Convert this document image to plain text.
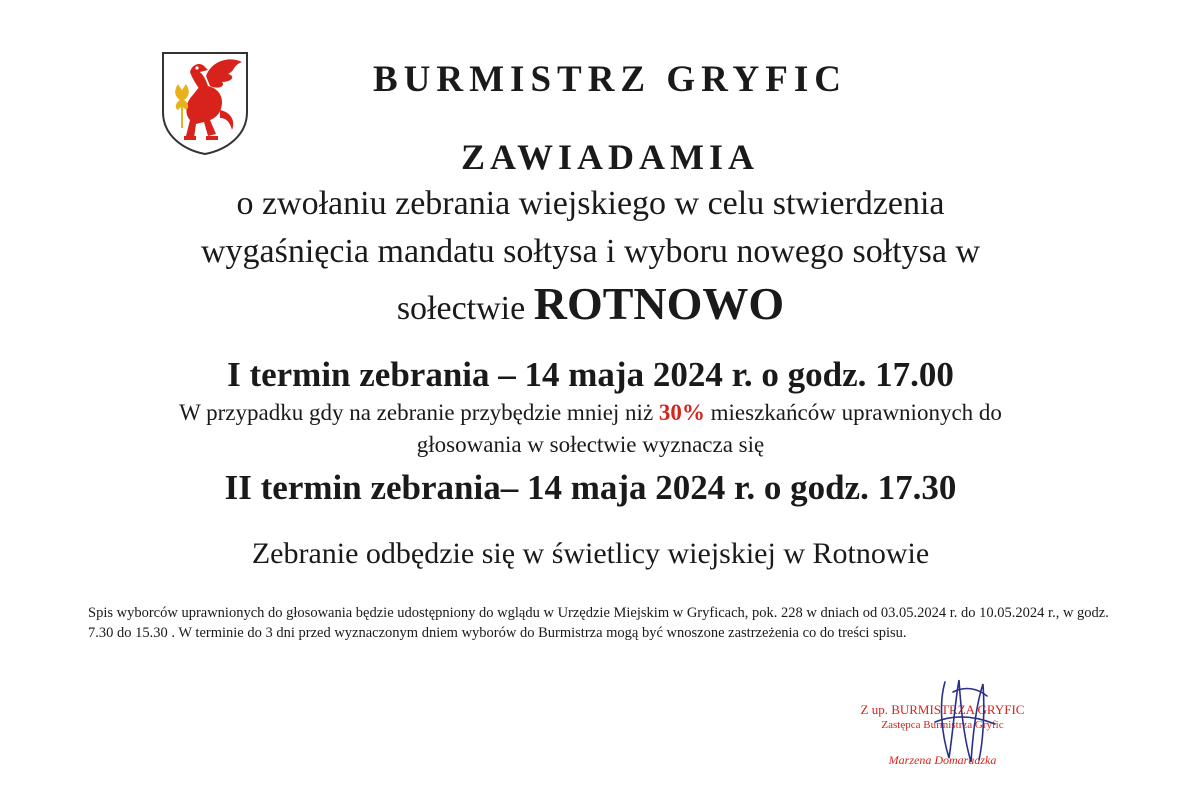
BURMISTRZ GRYFIC
ZAWIADAMIA
o zwołaniu zebrania wiejskiego w celu stwierdzenia
wygaśnięcia mandatu sołtysa i wyboru nowego sołtysa w
sołectwie ROTNOWO
I termin zebrania – 14 maja 2024 r. o godz. 17.00
W przypadku gdy na zebranie przybędzie mniej niż 30% mieszkańców uprawnionych do
głosowania w sołectwie wyznacza się
II termin zebrania– 14 maja 2024 r. o godz. 17.30
Zebranie odbędzie się w świetlicy wiejskiej w Rotnowie
Spis wyborców uprawnionych do głosowania będzie udostępniony do wglądu w Urzędzie Miejskim w Gryficach, pok. 228 w dniach od 03.05.2024 r. do 10.05.2024 r., w godz. 7.30 do 15.30 . W terminie do 3 dni przed wyznaczonym dniem wyborów do Burmistrza mogą być wnoszone zastrzeżenia co do treści spisu.
Z up. BURMISTRZA GRYFIC
Zastępca Burmistrza Gryfic
Marzena Domaradzka
